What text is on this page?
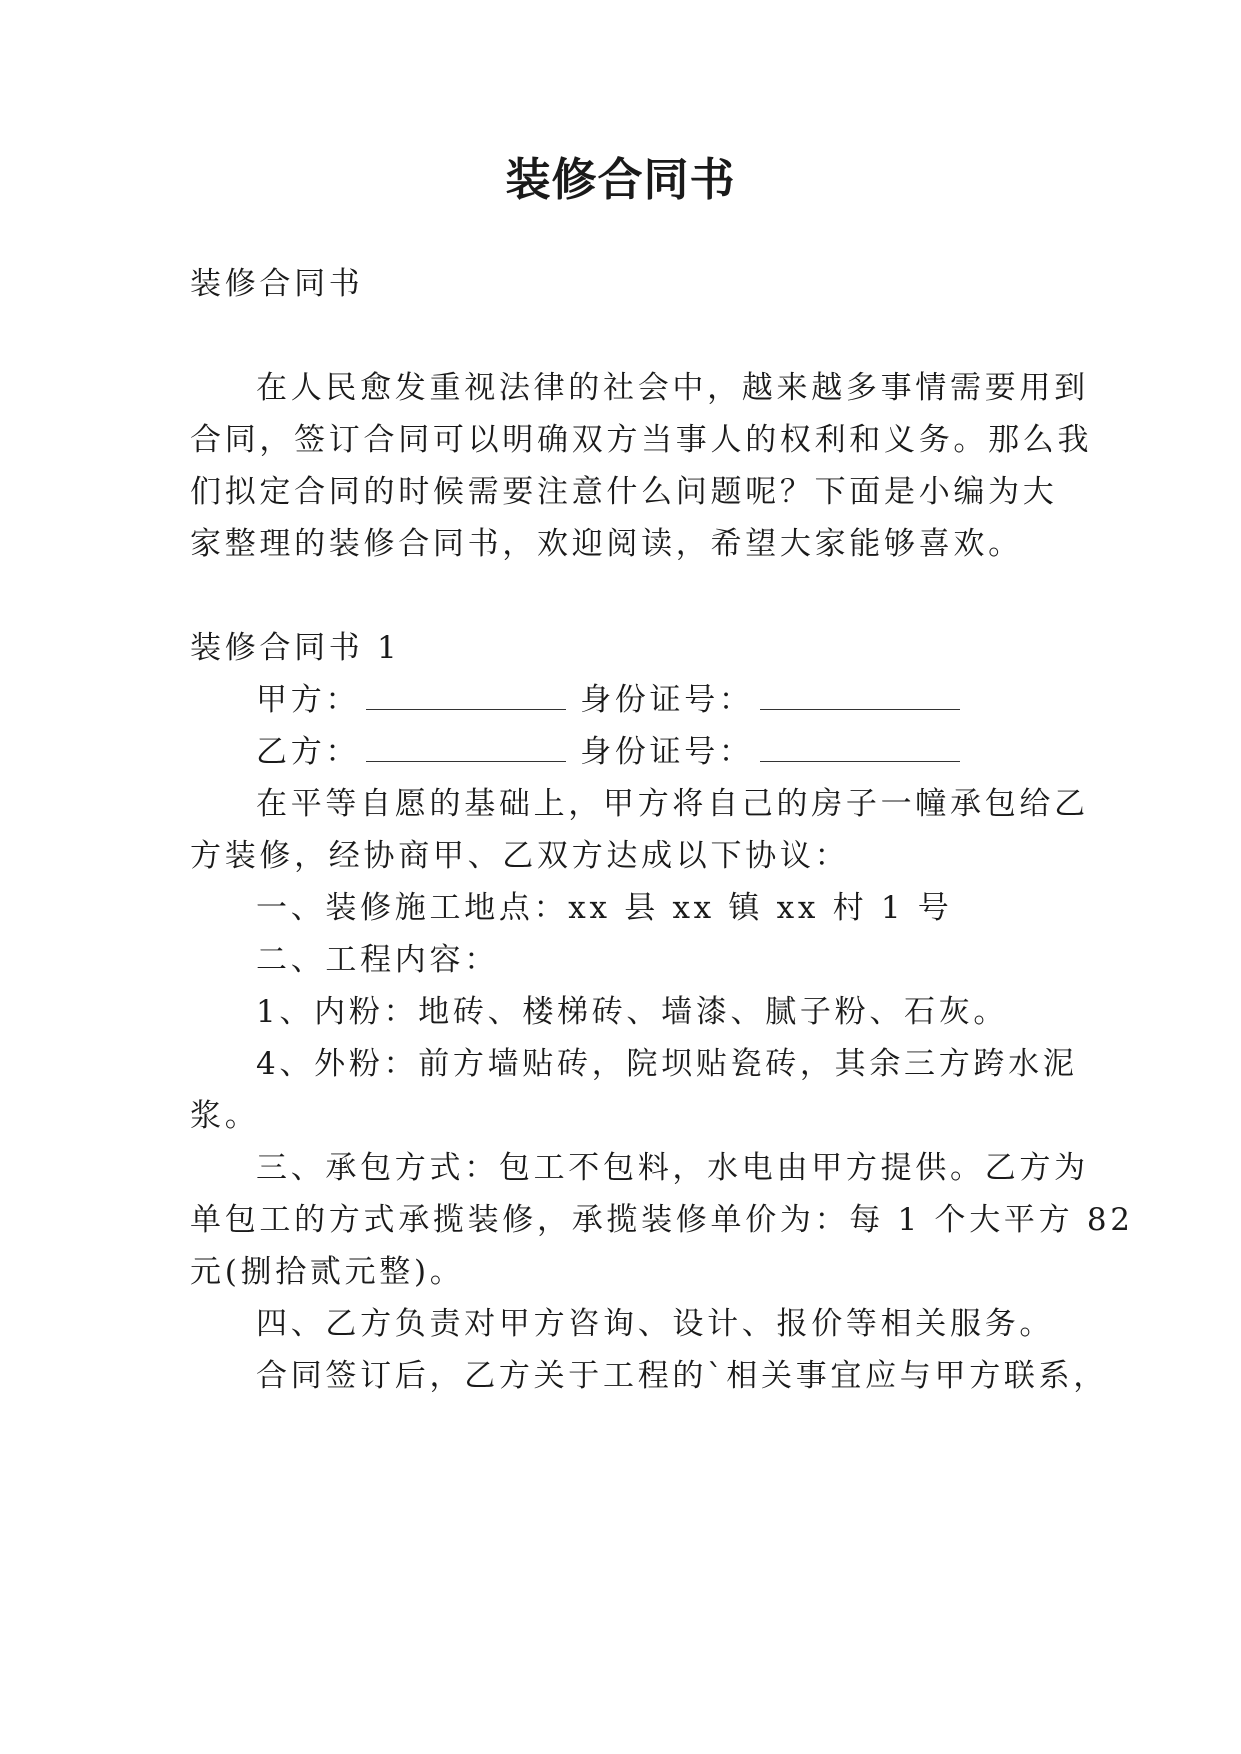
装修合同书

装修合同书

在人民愈发重视法律的社会中，越来越多事情需要用到

合同，签订合同可以明确双方当事人的权利和义务。那么我

们拟定合同的时候需要注意什么问题呢？下面是小编为大

家整理的装修合同书，欢迎阅读，希望大家能够喜欢。

装修合同书 1

甲方：	身份证号：

乙方：	身份证号：

在平等自愿的基础上，甲方将自己的房子一幢承包给乙

方装修，经协商甲、乙双方达成以下协议：

一、装修施工地点：xx 县 xx 镇 xx 村 1 号

二、工程内容：

1、内粉：地砖、楼梯砖、墙漆、腻子粉、石灰。

4、外粉：前方墙贴砖，院坝贴瓷砖，其余三方跨水泥

浆。

三、承包方式：包工不包料，水电由甲方提供。乙方为

单包工的方式承揽装修，承揽装修单价为：每 1 个大平方 82

元(捌拾贰元整)。

四、乙方负责对甲方咨询、设计、报价等相关服务。

合同签订后，乙方关于工程的`相关事宜应与甲方联系，
